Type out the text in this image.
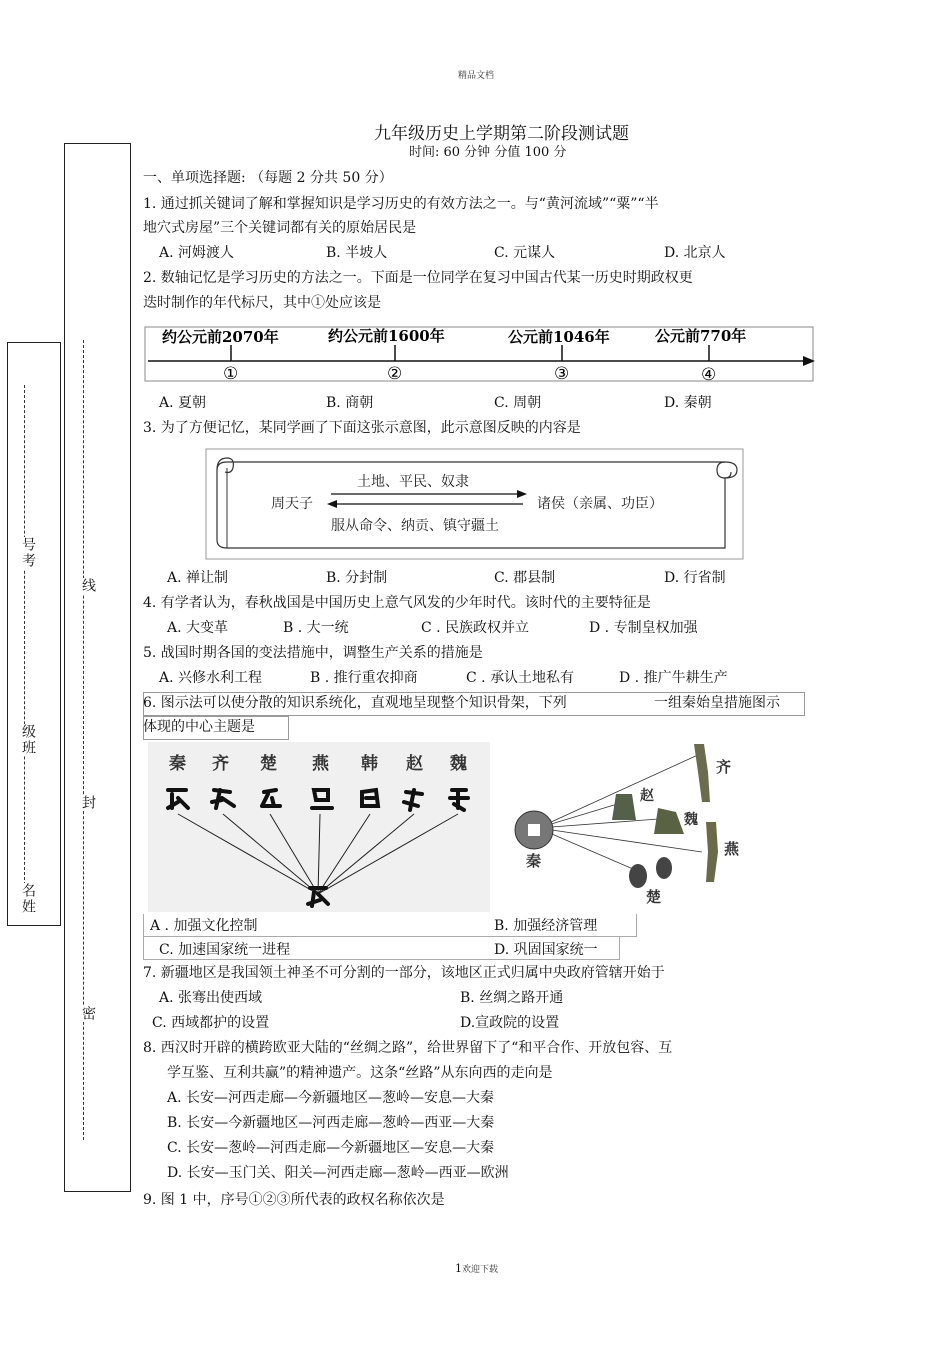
精品文档
线
封
密
号考
级班
名姓
九年级历史上学期第二阶段测试题
时间: 60 分钟 分值 100 分
一、单项选择题: （每题 2 分共 50 分）
1. 通过抓关键词了解和掌握知识是学习历史的有效方法之一。与“黄河流域”“粟”“半
地穴式房屋”三个关键词都有关的原始居民是
A. 河姆渡人	B. 半坡人	C. 元谋人	D. 北京人
2. 数轴记忆是学习历史的方法之一。下面是一位同学在复习中国古代某一历史时期政权更
迭时制作的年代标尺，其中①处应该是
约公元前2070年	约公元前1600年	公元前1046年	公元前770年
①	②	③	④
A. 夏朝	B. 商朝	C. 周朝	D. 秦朝
3. 为了方便记忆，某同学画了下面这张示意图，此示意图反映的内容是
土地、平民、奴隶
周天子	诸侯（亲属、功臣）
服从命令、纳贡、镇守疆土
A. 禅让制	B. 分封制	C. 郡县制	D. 行省制
4. 有学者认为，春秋战国是中国历史上意气风发的少年时代。该时代的主要特征是
A. 大变革	B . 大一统	C . 民族政权并立	D . 专制皇权加强
5. 战国时期各国的变法措施中，调整生产关系的措施是
A. 兴修水利工程	B . 推行重农抑商	C . 承认土地私有	D . 推广牛耕生产
6. 图示法可以使分散的知识系统化，直观地呈现整个知识骨架，下列	一组秦始皇措施图示
体现的中心主题是
秦 齐 楚 燕 韩 赵 魏	齐
赵
魏
燕
秦
楚
A . 加强文化控制	B. 加强经济管理
C. 加速国家统一进程	D. 巩固国家统一
7. 新疆地区是我国领土神圣不可分割的一部分，该地区正式归属中央政府管辖开始于
A. 张骞出使西域	B. 丝绸之路开通
C. 西域都护的设置	D.宣政院的设置
8. 西汉时开辟的横跨欧亚大陆的“丝绸之路”，给世界留下了“和平合作、开放包容、互
学互鉴、互利共赢”的精神遗产。这条“丝路”从东向西的走向是
A. 长安—河西走廊—今新疆地区—葱岭—安息—大秦
B. 长安—今新疆地区—河西走廊—葱岭—西亚—大秦
C. 长安—葱岭—河西走廊—今新疆地区—安息—大秦
D. 长安—玉门关、阳关—河西走廊—葱岭—西亚—欧洲
9. 图 1 中，序号①②③所代表的政权名称依次是
1欢迎下载
